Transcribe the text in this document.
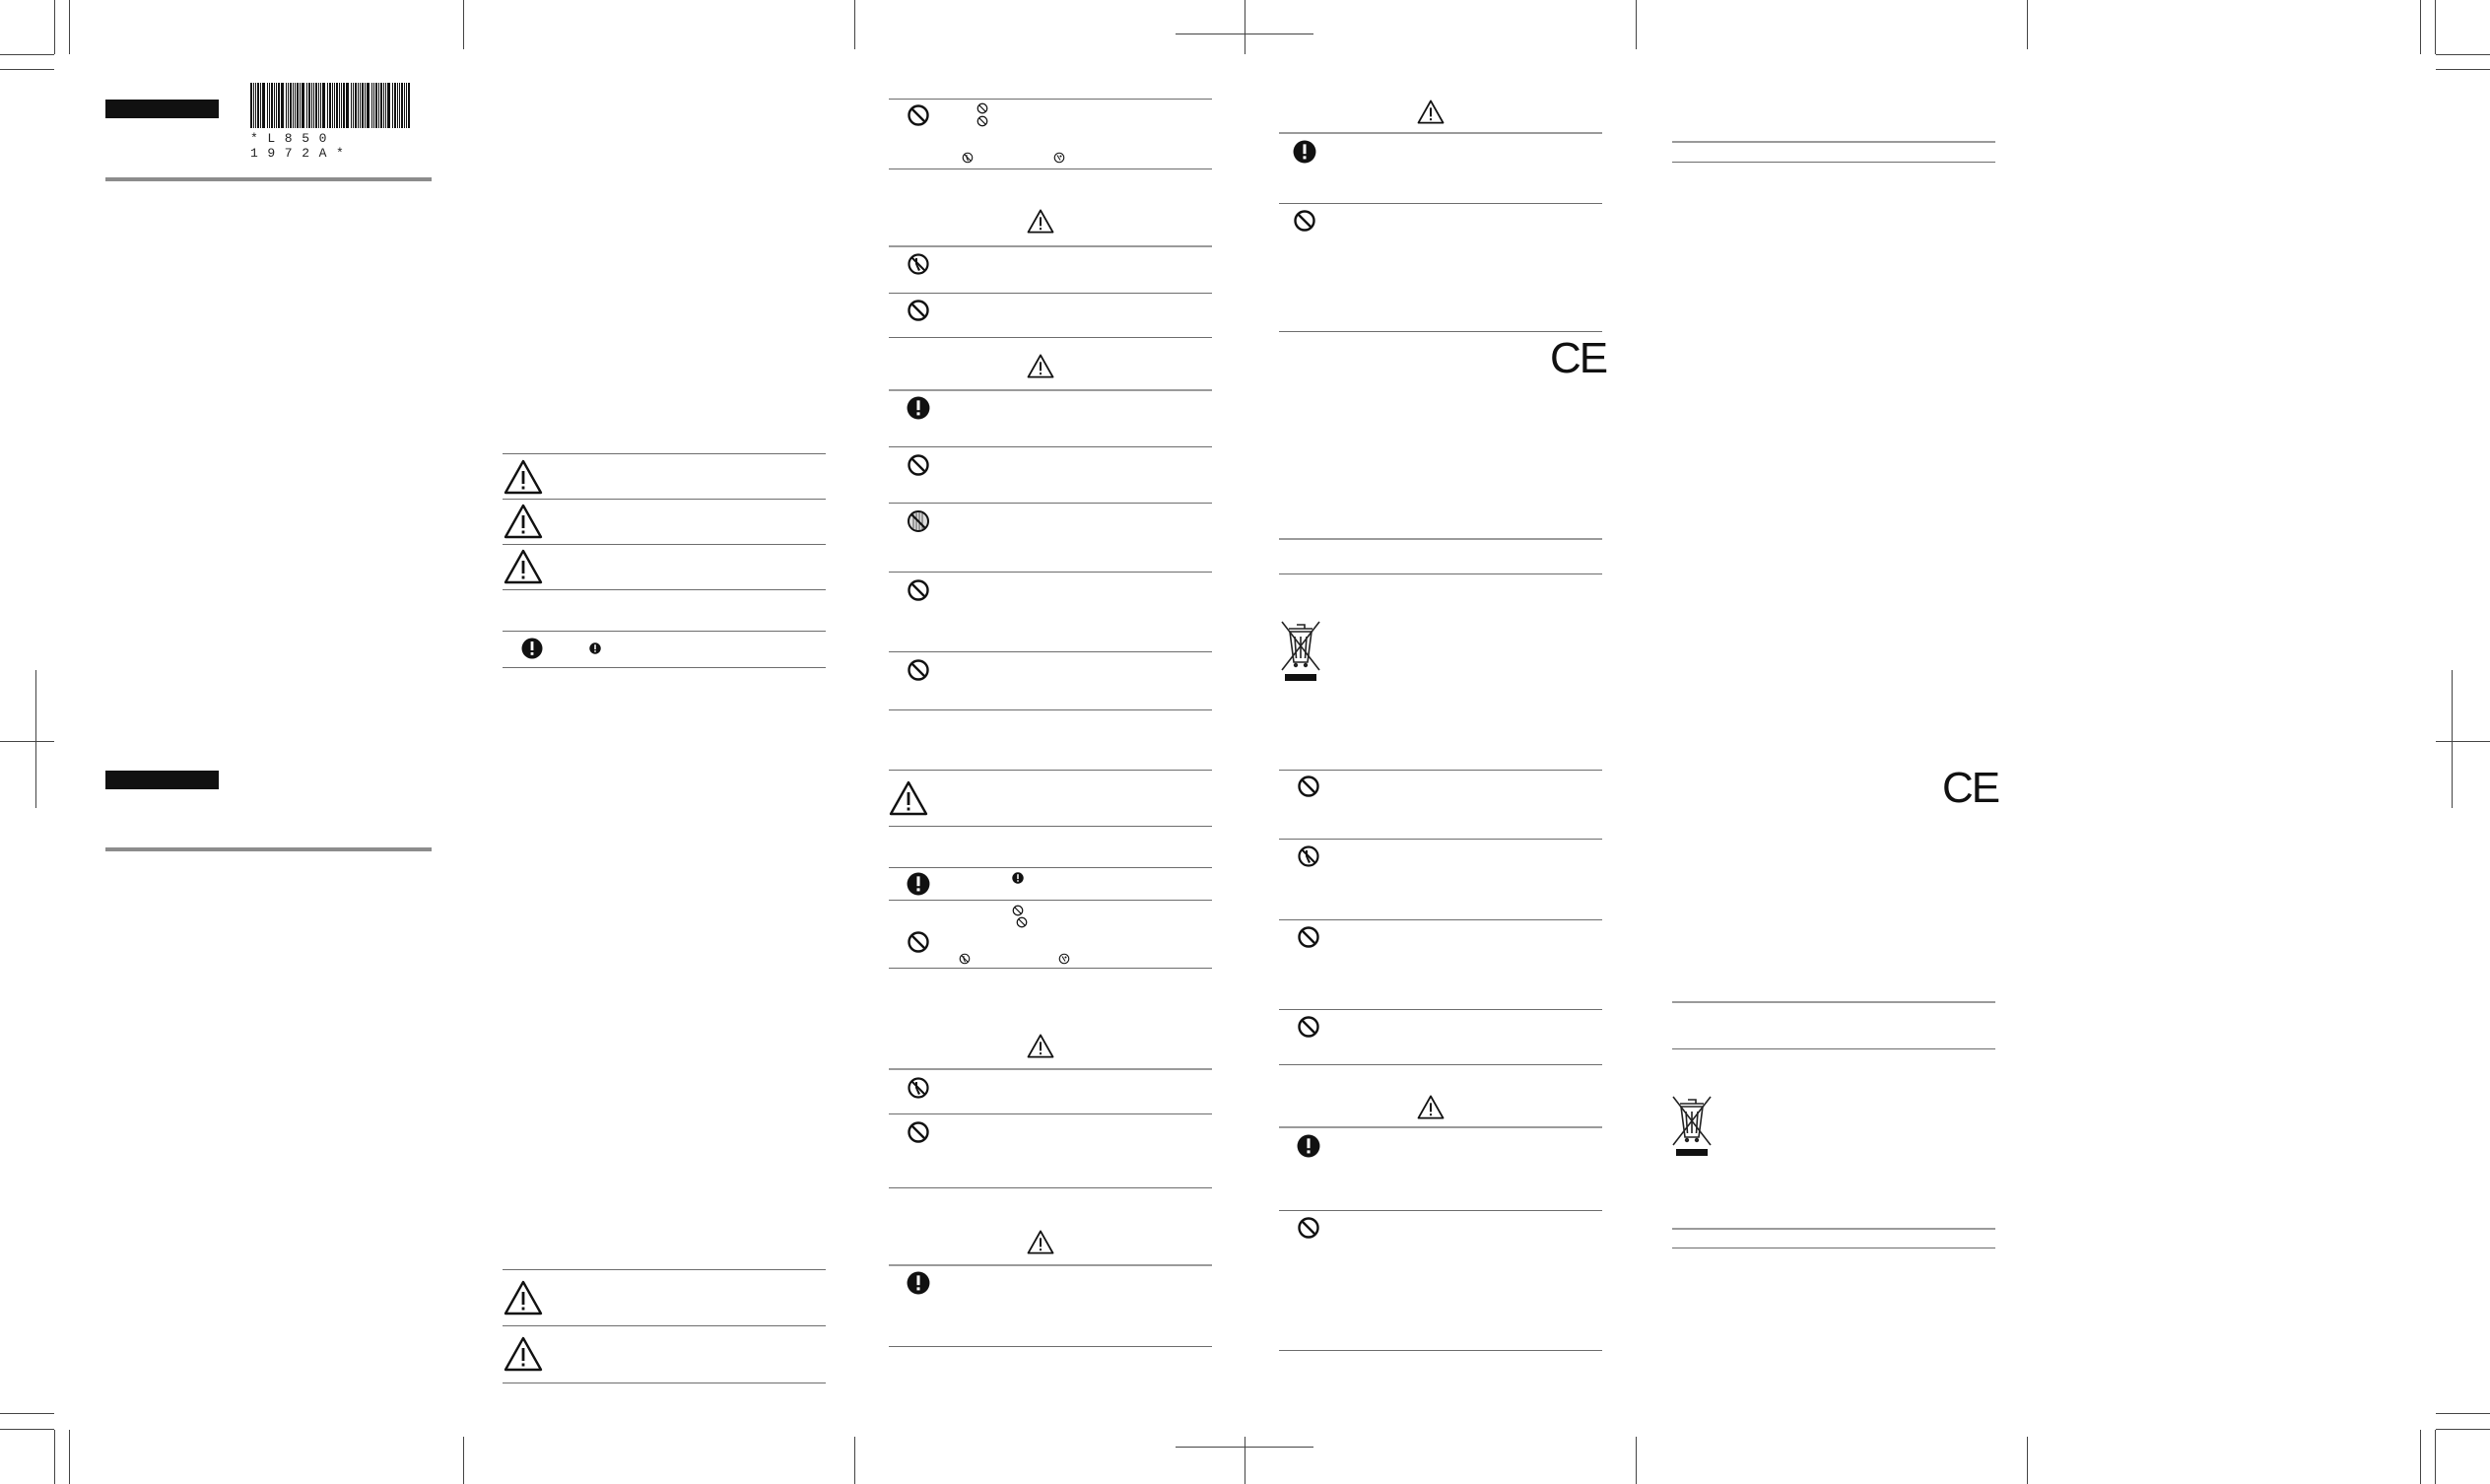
*L850 1972A*
CE
CE
